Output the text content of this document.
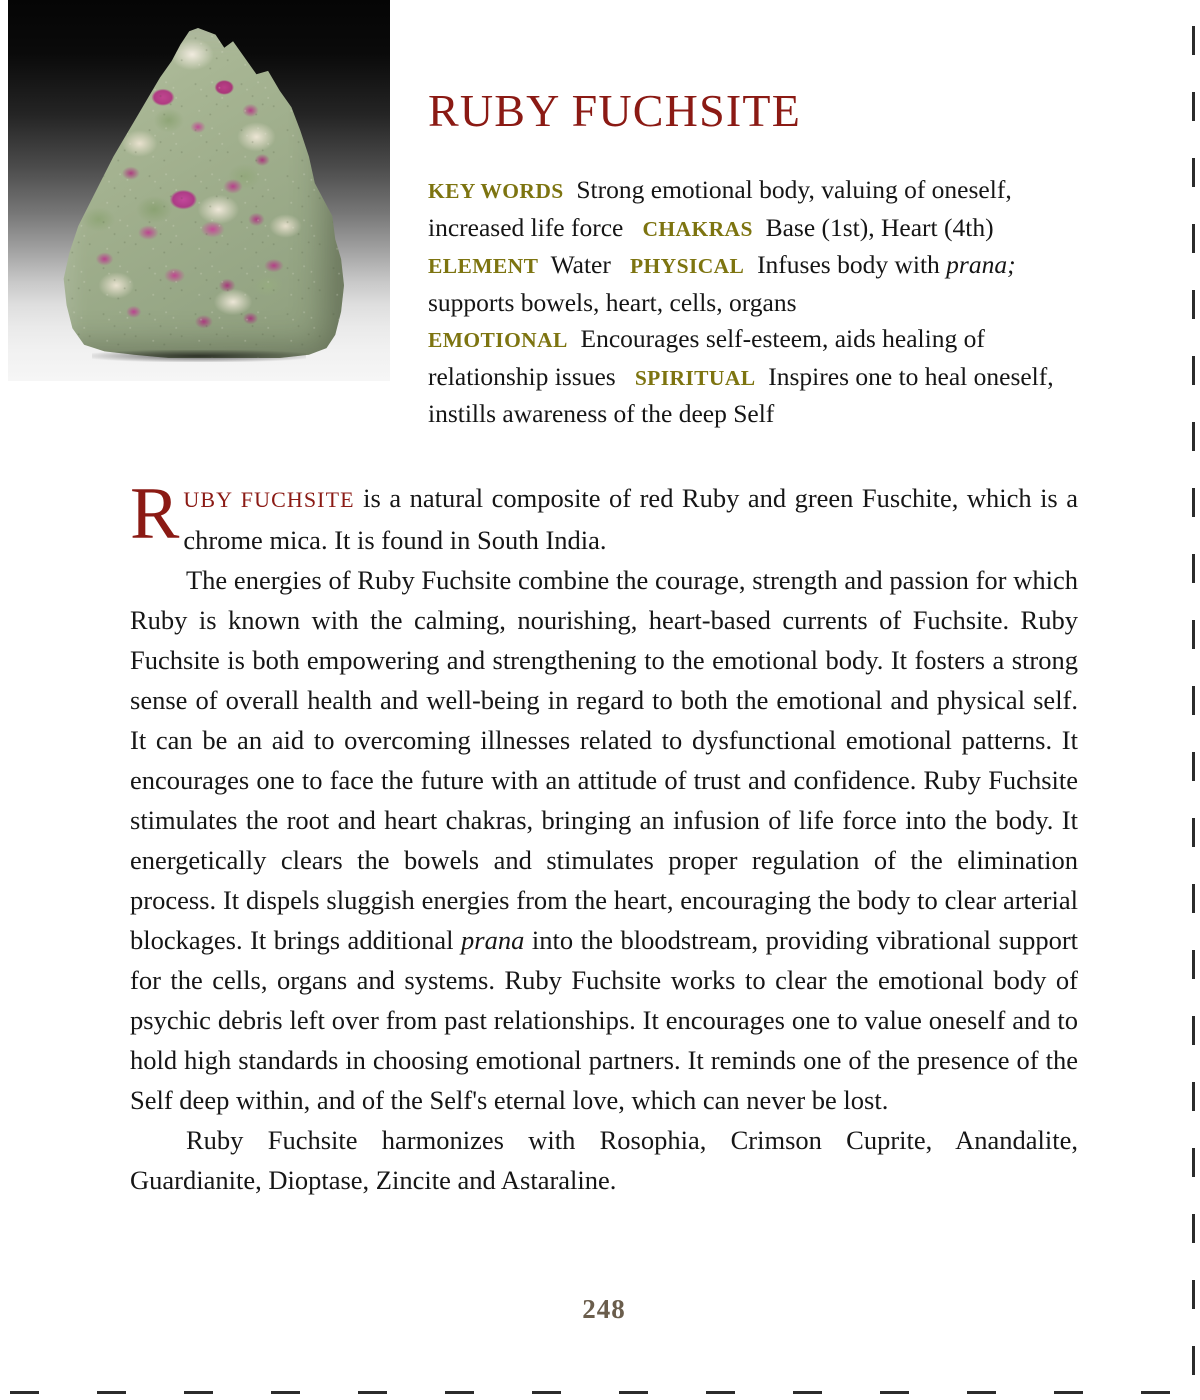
RUBY FUCHSITE
KEY WORDS Strong emotional body, valuing of oneself, increased life force CHAKRAS Base (1st), Heart (4th)
ELEMENT Water PHYSICAL Infuses body with prana; supports bowels, heart, cells, organs
EMOTIONAL Encourages self-esteem, aids healing of relationship issues SPIRITUAL Inspires one to heal oneself, instills awareness of the deep Self

RUBY FUCHSITE is a natural composite of red Ruby and green Fuschite, which is a chrome mica. It is found in South India.

The energies of Ruby Fuchsite combine the courage, strength and passion for which Ruby is known with the calming, nourishing, heart-based currents of Fuchsite. Ruby Fuchsite is both empowering and strengthening to the emotional body. It fosters a strong sense of overall health and well-being in regard to both the emotional and physical self. It can be an aid to overcoming illnesses related to dysfunctional emotional patterns. It encourages one to face the future with an attitude of trust and confidence. Ruby Fuchsite stimulates the root and heart chakras, bringing an infusion of life force into the body. It energetically clears the bowels and stimulates proper regulation of the elimination process. It dispels sluggish energies from the heart, encouraging the body to clear arterial blockages. It brings additional prana into the bloodstream, providing vibrational support for the cells, organs and systems. Ruby Fuchsite works to clear the emotional body of psychic debris left over from past relationships. It encourages one to value oneself and to hold high standards in choosing emotional partners. It reminds one of the presence of the Self deep within, and of the Self's eternal love, which can never be lost.

Ruby Fuchsite harmonizes with Rosophia, Crimson Cuprite, Anandalite, Guardianite, Dioptase, Zincite and Astaraline.

248
